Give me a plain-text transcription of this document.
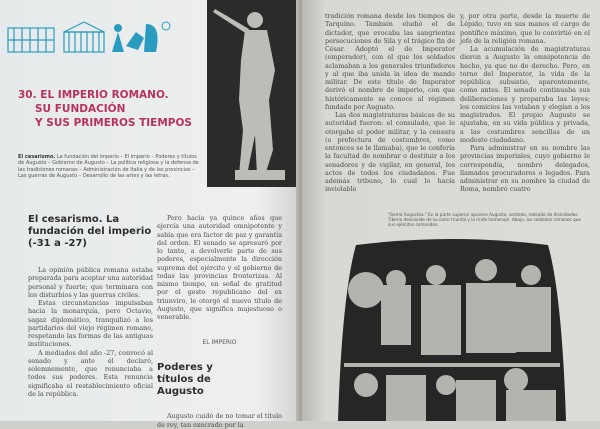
30. EL IMPERIO ROMANO.
SU FUNDACIÓN
Y SUS PRIMEROS TIEMPOS
El cesarismo. La fundación del imperio – El imperio – Poderes y títulos de Augusto – Gobierno de Augusto – La política religiosa y la defensa de las tradiciones romanas – Administración de Italia y de las provincias – Las guerras de Augusto – Desarrollo de las artes y las letras.
El cesarismo. La fundación del imperio (-31 a -27)

La opinión pública romana estaba preparada para aceptar una autoridad personal y fuerte; que terminara con los disturbios y las guerras civiles.

Estas circunstancias impulsaban hacia la monarquía, pero Octavio, sagaz diplomático, tranquilizó a los partidarios del viejo régimen romano, respetando las formas de las antiguas instituciones.

A mediados del año -27, convocó al senado y ante él declaró, solemnemente, que renunciaba a todos sus poderes. Esta renuncia significaba el restablecimiento oficial de la república.

Pero hacía ya quince años que ejercía una autoridad omnipotente y sabía que era factor de paz y garantía del orden. El senado se apresuró por lo tanto, a devolverle parte de sus poderes, especialmente la dirección suprema del ejército y el gobierno de todas las provincias fronterizas. Al mismo tiempo, en señal de gratitud por el gesto republicano del ex triunviro, le otorgó el nuevo título de Augusto, que significa majestuoso o venerable.

EL IMPERIO
Poderes y títulos de Augusto

Augusto cuidó de no tomar el título de rey, tan execrado por la

tradición romana desde los tiempos de Tarquino. También eludió el de dictador, que evocaba las sangrientas persecuciones de Sila y el trágico fin de César. Adoptó el de Imperator (emperador), con el que los soldados aclamaban a los generales triunfadores y al que iba unida la idea de mando militar. De este título de Imperator derivó el nombre de imperio, con que históricamente se conoce al régimen fundado por Augusto.

Las dos magistraturas básicas de su autoridad fueron: el consulado, que le otorgaba el poder militar, y la censura (o prefectura de costumbres, como entonces se le llamaba), que le confería la facultad de nombrar o destituir a los senadores y de vigilar, en general, los actos de todos los ciudadanos. Fue además tribuno, lo cual lo hacía inviolable

y, por otra parte, desde la muerte de Lépido, tuvo en sus manos el cargo de pontífice máximo, que lo convirtió en el jefe de la religión romana.

La acumulación de magistraturas dieron a Augusto la omnipotencia de hecho, ya que no de derecho. Pero, en torno del Imperator, la vida de la república subsistió, aparentemente, como antes. El senado continuaba sus deliberaciones y preparaba las leyes; los comicios las votaban y elegían a los magistrados. El propio Augusto se ajustaba, en su vida pública y privada, a las costumbres sencillas de un modesto ciudadano.

Para administrar en su nombre las provincias imperiales, cuyo gobierno le correspondía, nombró delegados, llamados procuradores o legados. Para administrar en su nombre la ciudad de Roma, nombró cuatro

"Gema Augustea." En la parte superior aparece Augusto, sentado, rodeado de divinidades. Tiberio desciende de su carro triunfal y le rinde homenaje. Abajo, los soldados romanos que sus ejércitos comandan.
